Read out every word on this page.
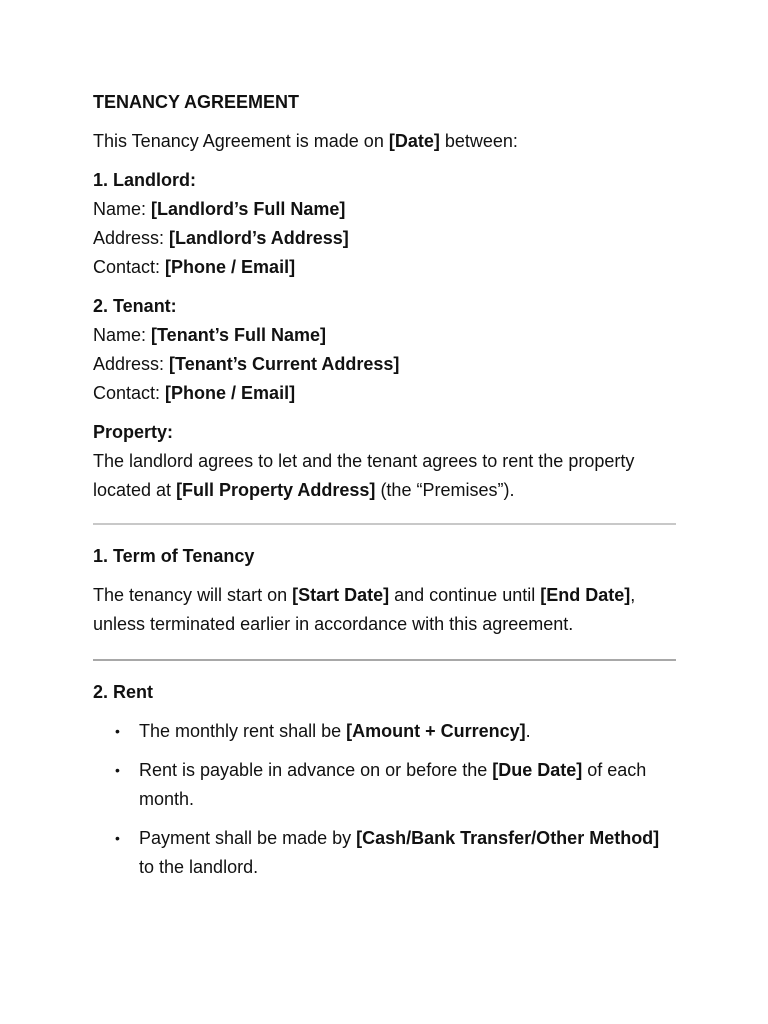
TENANCY AGREEMENT

This Tenancy Agreement is made on [Date] between:

1. Landlord:

Name: [Landlord’s Full Name]

Address: [Landlord’s Address]

Contact: [Phone / Email]

2. Tenant:

Name: [Tenant’s Full Name]

Address: [Tenant’s Current Address]

Contact: [Phone / Email]

Property:

The landlord agrees to let and the tenant agrees to rent the property located at [Full Property Address] (the “Premises”).

1. Term of Tenancy

The tenancy will start on [Start Date] and continue until [End Date], unless terminated earlier in accordance with this agreement.

2. Rent

• The monthly rent shall be [Amount + Currency].
• Rent is payable in advance on or before the [Due Date] of each month.
• Payment shall be made by [Cash/Bank Transfer/Other Method] to the landlord.
